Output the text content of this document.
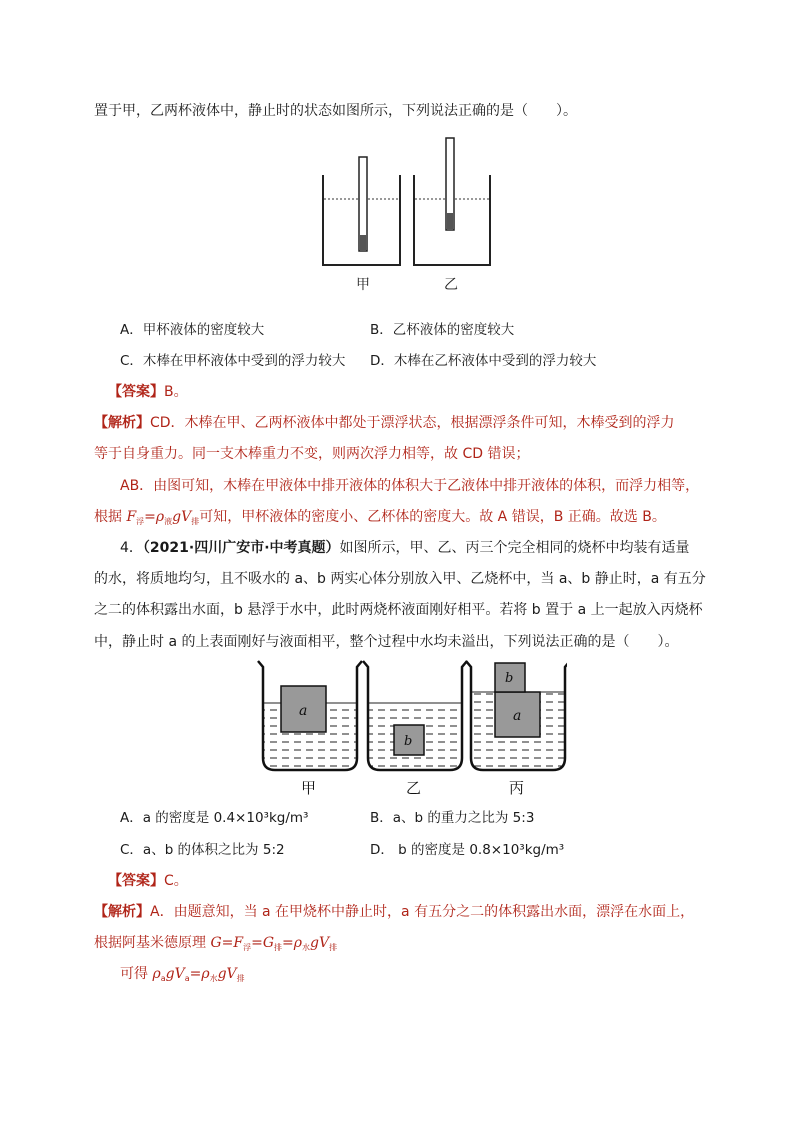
置于甲，乙两杯液体中，静止时的状态如图所示，下列说法正确的是（　　）。
甲	乙
A．甲杯液体的密度较大	B．乙杯液体的密度较大
C．木棒在甲杯液体中受到的浮力较大 D．木棒在乙杯液体中受到的浮力较大
【答案】B。
【解析】CD．木棒在甲、乙两杯液体中都处于漂浮状态，根据漂浮条件可知，木棒受到的浮力
等于自身重力。同一支木棒重力不变，则两次浮力相等，故 CD 错误；
AB．由图可知，木棒在甲液体中排开液体的体积大于乙液体中排开液体的体积，而浮力相等，
根据 $F_浮=\rho_液gV_排$可知，甲杯液体的密度小、乙杯体的密度大。故 A 错误，B 正确。故选 B。
4．（2021·四川广安市·中考真题）如图所示，甲、乙、丙三个完全相同的烧杯中均装有适量
的水，将质地均匀，且不吸水的 a、b 两实心体分别放入甲、乙烧杯中，当 a、b 静止时，a 有五分
之二的体积露出水面，b 悬浮于水中，此时两烧杯液面刚好相平。若将 b 置于 a 上一起放入丙烧杯
中，静止时 a 的上表面刚好与液面相平，整个过程中水均未溢出，下列说法正确的是（　　）。
a
b
a
b
甲	乙	丙
A．a 的密度是 0.4×10³kg/m³	B．a、b 的重力之比为 5:3
C．a、b 的体积之比为 5:2	D． b 的密度是 0.8×10³kg/m³
【答案】C。
【解析】A．由题意知，当 a 在甲烧杯中静止时，a 有五分之二的体积露出水面，漂浮在水面上，
根据阿基米德原理 $G=F_浮=G_排=\rho_水gV_排$
可得 $\rho_agV_a=\rho_水gV_排$
